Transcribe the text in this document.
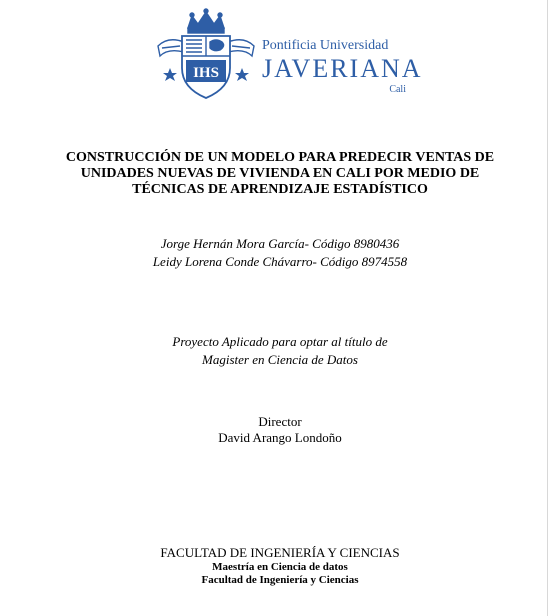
IHS
Pontificia Universidad
JAVERIANA
Cali
CONSTRUCCIÓN DE UN MODELO PARA PREDECIR VENTAS DE
UNIDADES NUEVAS DE VIVIENDA EN CALI POR MEDIO DE
TÉCNICAS DE APRENDIZAJE ESTADÍSTICO
Jorge Hernán Mora García- Código 8980436
Leidy Lorena Conde Chávarro- Código 8974558
Proyecto Aplicado para optar al título de
Magister en Ciencia de Datos
Director
David Arango Londoño
FACULTAD DE INGENIERÍA Y CIENCIAS
Maestría en Ciencia de datos
Facultad de Ingeniería y Ciencias
